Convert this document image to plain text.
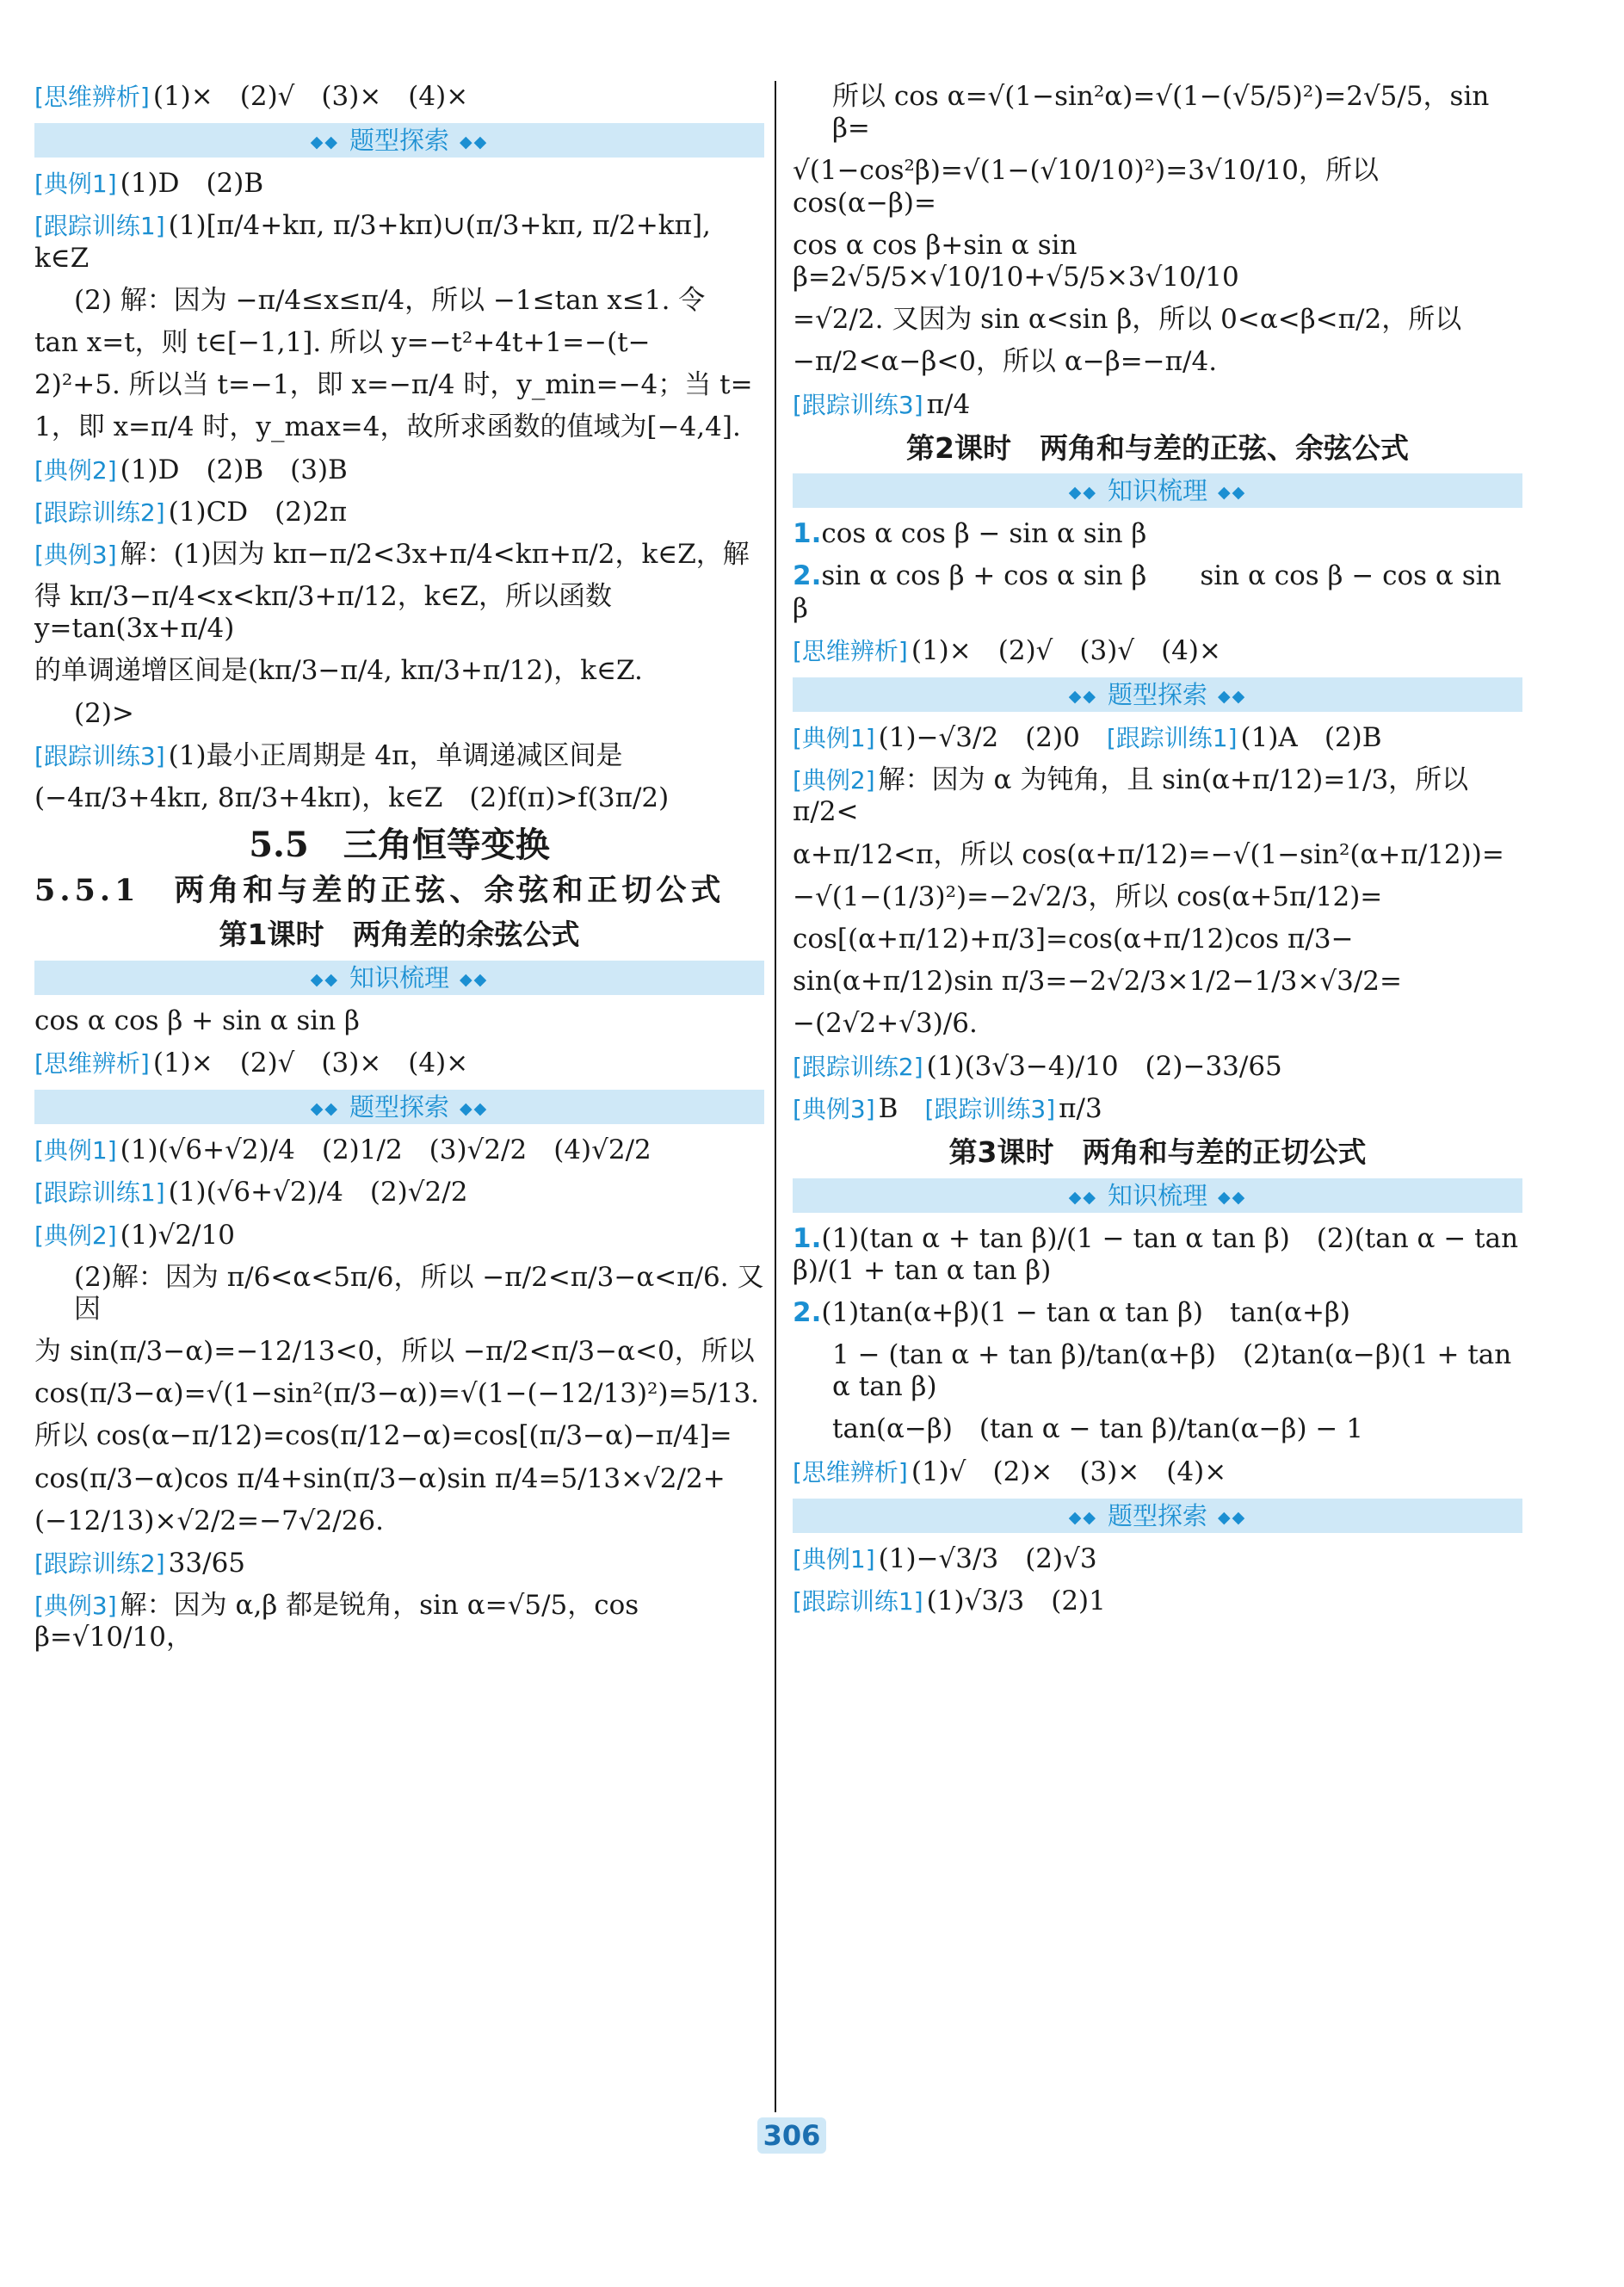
[思维辨析] (1)×　(2)√　(3)×　(4)×
◆◆ 题型探索 ◆◆
[典例1] (1)D　(2)B
[跟踪训练1] (1)[π/4+kπ, π/3+kπ)∪(π/3+kπ, π/2+kπ], k∈Z
(2) 解：因为 −π/4≤x≤π/4，所以 −1≤tan x≤1. 令
tan x=t，则 t∈[−1,1]. 所以 y=−t²+4t+1=−(t−
2)²+5. 所以当 t=−1，即 x=−π/4 时，y_min=−4；当 t=
1，即 x=π/4 时，y_max=4，故所求函数的值域为[−4,4].
[典例2] (1)D　(2)B　(3)B
[跟踪训练2] (1)CD　(2)2π
[典例3] 解：(1)因为 kπ−π/2<3x+π/4<kπ+π/2，k∈Z，解
得 kπ/3−π/4<x<kπ/3+π/12，k∈Z，所以函数 y=tan(3x+π/4)
的单调递增区间是(kπ/3−π/4, kπ/3+π/12)，k∈Z.
(2)>
[跟踪训练3] (1)最小正周期是 4π，单调递减区间是
(−4π/3+4kπ, 8π/3+4kπ)，k∈Z　(2)f(π)>f(3π/2)
5.5　三角恒等变换
5.5.1　两角和与差的正弦、余弦和正切公式
第1课时　两角差的余弦公式
◆◆ 知识梳理 ◆◆
cos α cos β + sin α sin β
[思维辨析] (1)×　(2)√　(3)×　(4)×
◆◆ 题型探索 ◆◆
[典例1] (1)(√6+√2)/4　(2)1/2　(3)√2/2　(4)√2/2
[跟踪训练1] (1)(√6+√2)/4　(2)√2/2
[典例2] (1)√2/10
(2)解：因为 π/6<α<5π/6，所以 −π/2<π/3−α<π/6. 又因
为 sin(π/3−α)=−12/13<0，所以 −π/2<π/3−α<0，所以
cos(π/3−α)=√(1−sin²(π/3−α))=√(1−(−12/13)²)=5/13.
所以 cos(α−π/12)=cos(π/12−α)=cos[(π/3−α)−π/4]=
cos(π/3−α)cos π/4+sin(π/3−α)sin π/4=5/13×√2/2+
(−12/13)×√2/2=−7√2/26.
[跟踪训练2] 33/65
[典例3] 解：因为 α,β 都是锐角，sin α=√5/5，cos β=√10/10，
所以 cos α=√(1−sin²α)=√(1−(√5/5)²)=2√5/5，sin β=
√(1−cos²β)=√(1−(√10/10)²)=3√10/10，所以 cos(α−β)=
cos α cos β+sin α sin β=2√5/5×√10/10+√5/5×3√10/10
=√2/2. 又因为 sin α<sin β，所以 0<α<β<π/2，所以
−π/2<α−β<0，所以 α−β=−π/4.
[跟踪训练3] π/4
第2课时　两角和与差的正弦、余弦公式
◆◆ 知识梳理 ◆◆
1.cos α cos β − sin α sin β
2.sin α cos β + cos α sin β　　sin α cos β − cos α sin β
[思维辨析] (1)×　(2)√　(3)√　(4)×
◆◆ 题型探索 ◆◆
[典例1] (1)−√3/2　(2)0　 [跟踪训练1] (1)A　(2)B
[典例2] 解：因为 α 为钝角，且 sin(α+π/12)=1/3，所以 π/2<
α+π/12<π，所以 cos(α+π/12)=−√(1−sin²(α+π/12))=
−√(1−(1/3)²)=−2√2/3，所以 cos(α+5π/12)=
cos[(α+π/12)+π/3]=cos(α+π/12)cos π/3−
sin(α+π/12)sin π/3=−2√2/3×1/2−1/3×√3/2=
−(2√2+√3)/6.
[跟踪训练2] (1)(3√3−4)/10　(2)−33/65
[典例3] B　 [跟踪训练3] π/3
第3课时　两角和与差的正切公式
◆◆ 知识梳理 ◆◆
1.(1)(tan α + tan β)/(1 − tan α tan β)　(2)(tan α − tan β)/(1 + tan α tan β)
2.(1)tan(α+β)(1 − tan α tan β)　tan(α+β)
1 − (tan α + tan β)/tan(α+β)　(2)tan(α−β)(1 + tan α tan β)
tan(α−β)　(tan α − tan β)/tan(α−β) − 1
[思维辨析] (1)√　(2)×　(3)×　(4)×
◆◆ 题型探索 ◆◆
[典例1] (1)−√3/3　(2)√3
[跟踪训练1] (1)√3/3　(2)1
306
